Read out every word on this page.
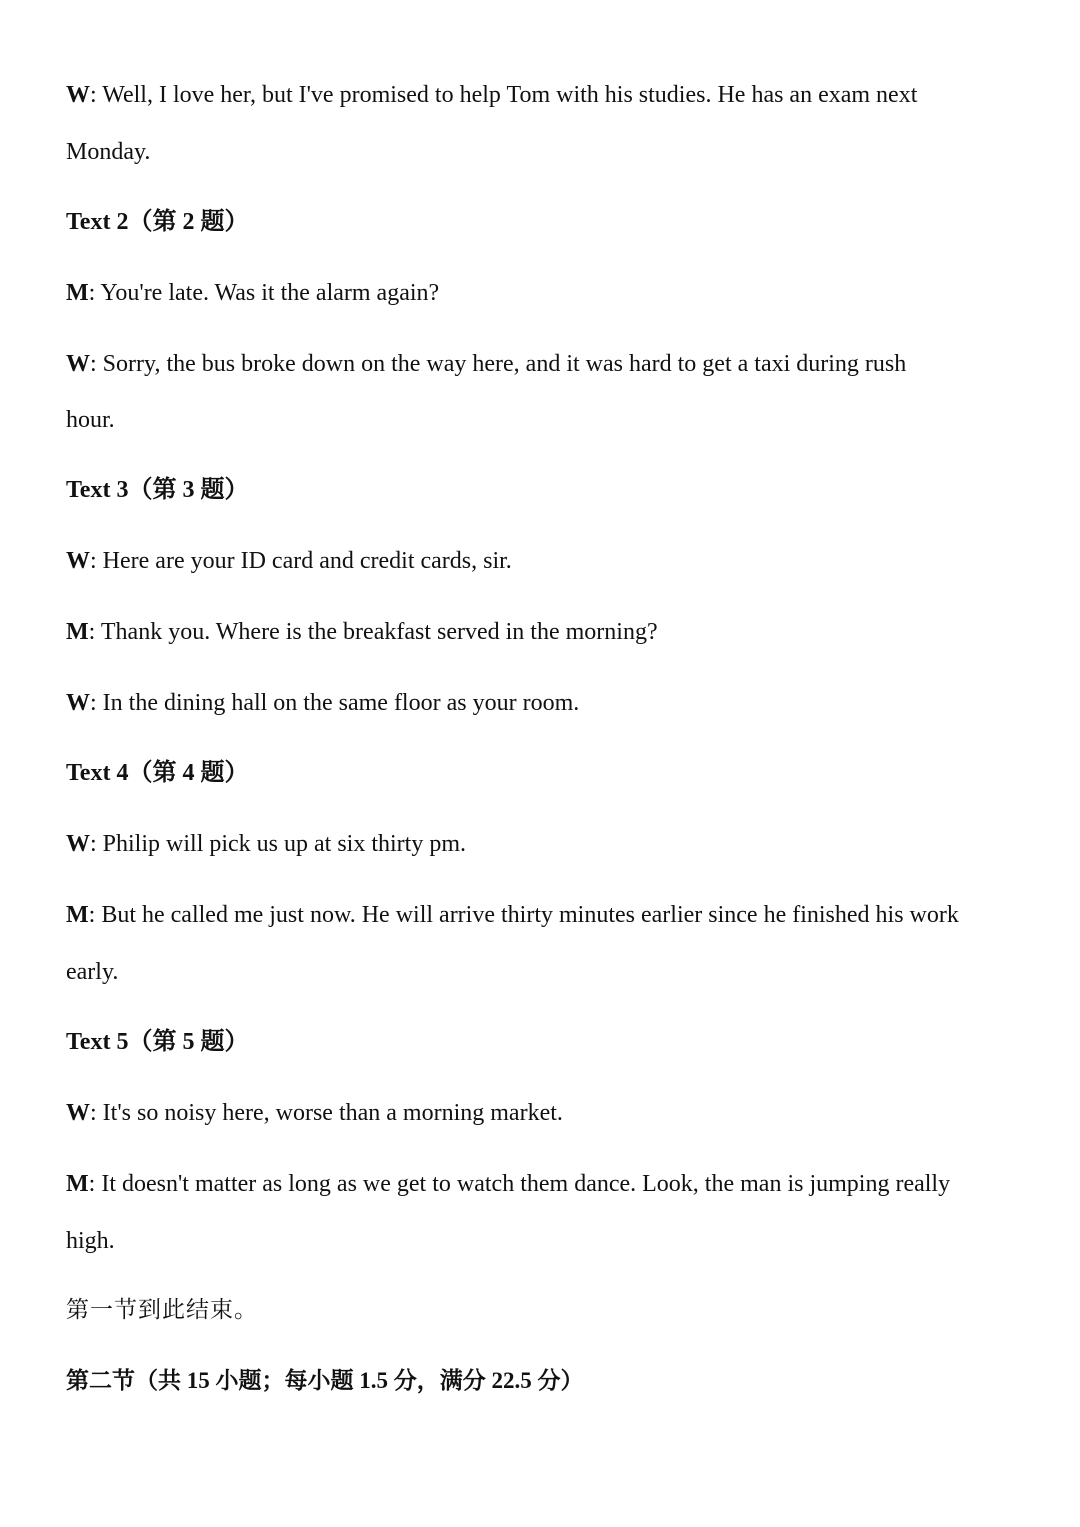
W: Well, I love her, but I've promised to help Tom with his studies. He has an exam next
Monday.
Text 2（第 2 题）
M: You're late. Was it the alarm again?
W: Sorry, the bus broke down on the way here, and it was hard to get a taxi during rush
hour.
Text 3（第 3 题）
W: Here are your ID card and credit cards, sir.
M: Thank you. Where is the breakfast served in the morning?
W: In the dining hall on the same floor as your room.
Text 4（第 4 题）
W: Philip will pick us up at six thirty pm.
M: But he called me just now. He will arrive thirty minutes earlier since he finished his work
early.
Text 5（第 5 题）
W: It's so noisy here, worse than a morning market.
M: It doesn't matter as long as we get to watch them dance. Look, the man is jumping really
high.
第一节到此结束。
第二节（共 15 小题；每小题 1.5 分，满分 22.5 分）
